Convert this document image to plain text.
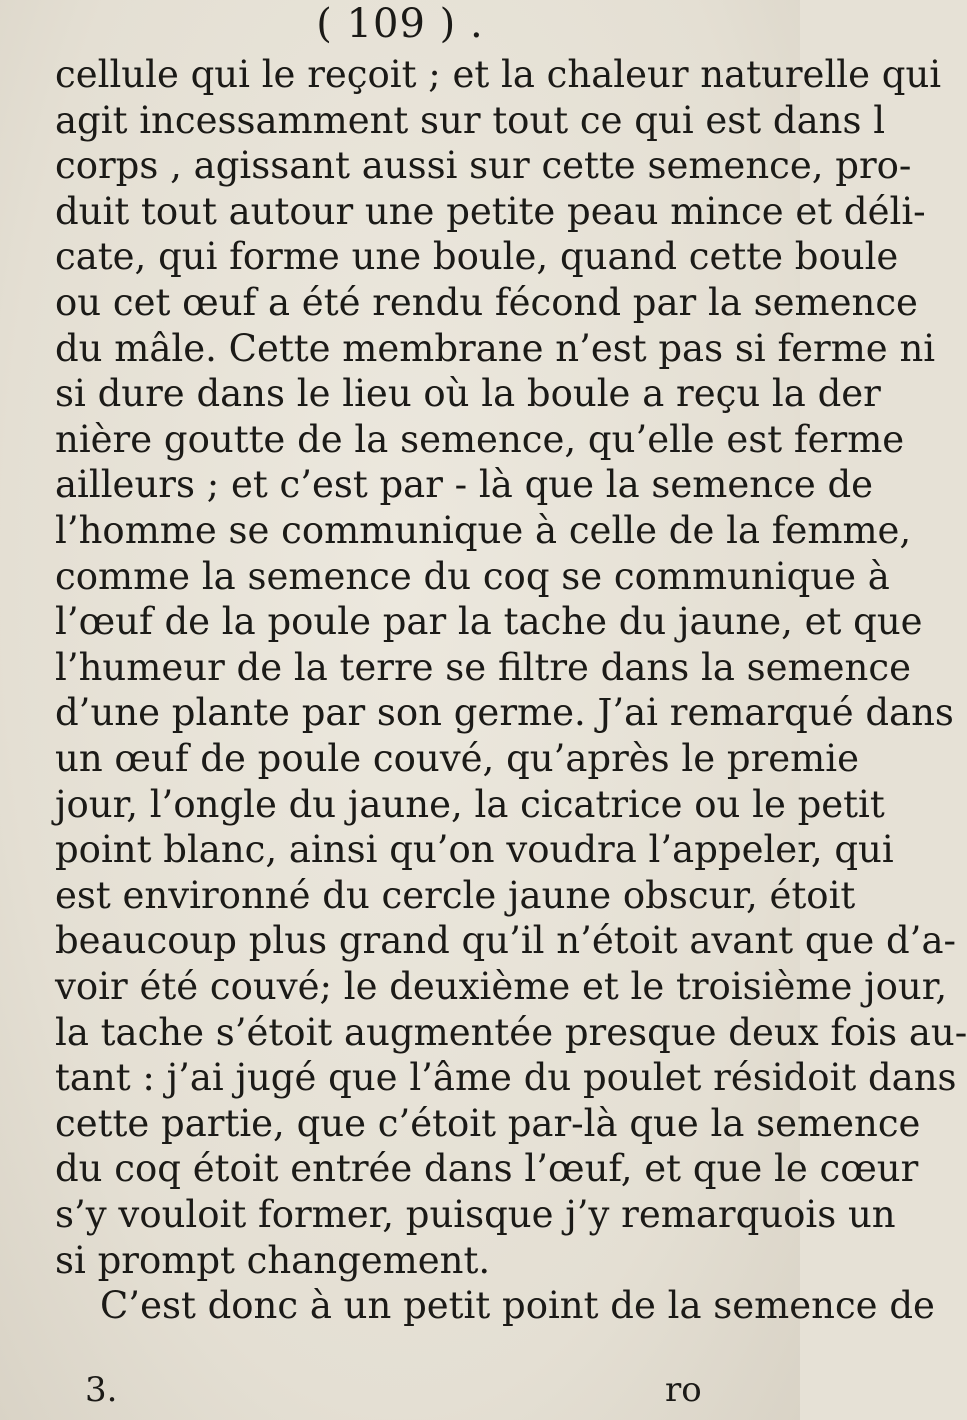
( 109 ) .
cellule qui le reçoit ; et la chaleur naturelle qui
agit incessamment sur tout ce qui est dans l
corps , agissant aussi sur cette semence, pro-
duit tout autour une petite peau mince et déli-
cate, qui forme une boule, quand cette boule
ou cet œuf a été rendu fécond par la semence
du mâle. Cette membrane n’est pas si ferme ni
si dure dans le lieu où la boule a reçu la der
nière goutte de la semence, qu’elle est ferme
ailleurs ; et c’est par - là que la semence de
l’homme se communique à celle de la femme,
comme la semence du coq se communique à
l’œuf de la poule par la tache du jaune, et que
l’humeur de la terre se filtre dans la semence
d’une plante par son germe. J’ai remarqué dans
un œuf de poule couvé, qu’après le premie
jour, l’ongle du jaune, la cicatrice ou le petit
point blanc, ainsi qu’on voudra l’appeler, qui
est environné du cercle jaune obscur, étoit
beaucoup plus grand qu’il n’étoit avant que d’a-
voir été couvé; le deuxième et le troisième jour,
la tache s’étoit augmentée presque deux fois au-
tant : j’ai jugé que l’âme du poulet résidoit dans
cette partie, que c’étoit par-là que la semence
du coq étoit entrée dans l’œuf, et que le cœur
s’y vouloit former, puisque j’y remarquois un
si prompt changement.
C’est donc à un petit point de la semence de
3.	ro
